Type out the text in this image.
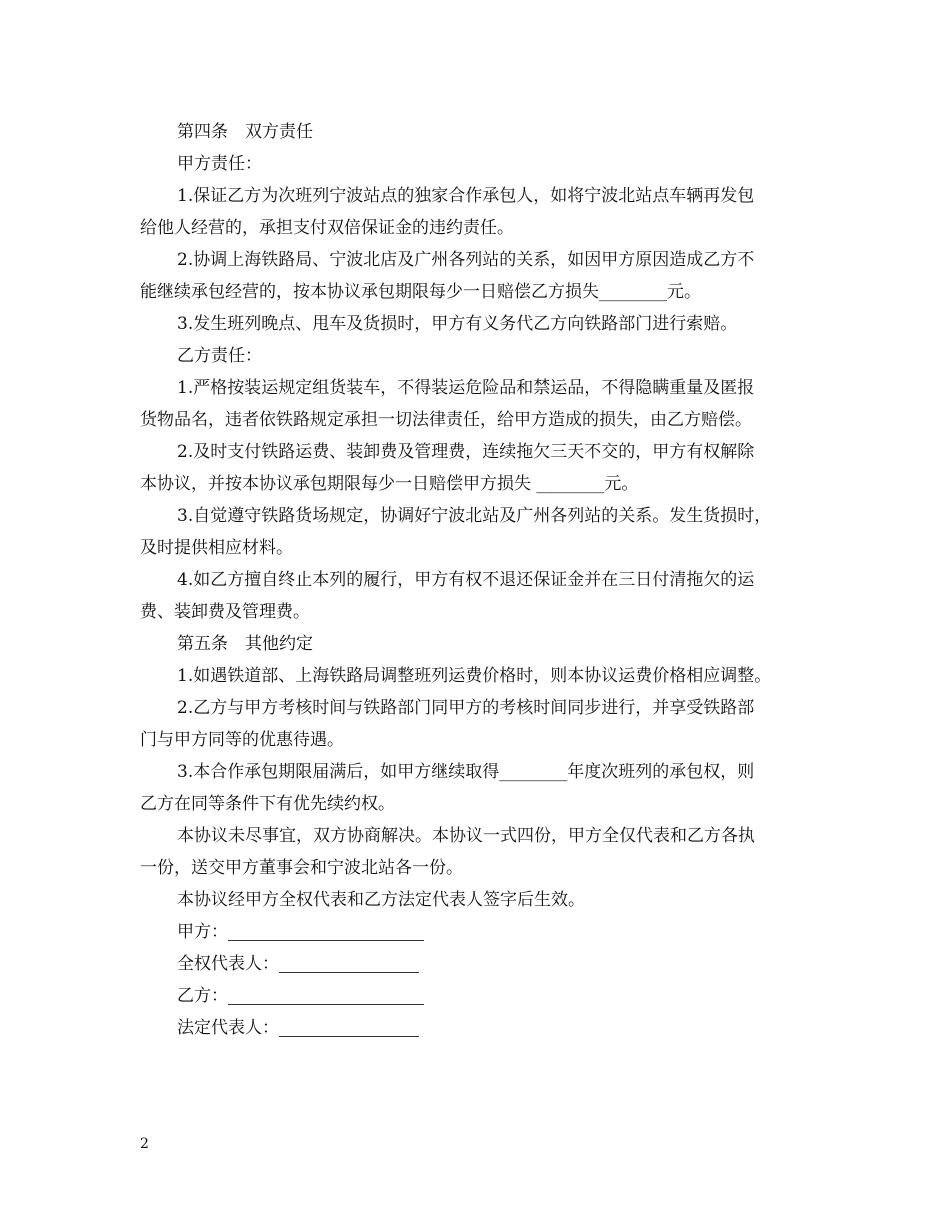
第四条　双方责任
甲方责任：
1.保证乙方为次班列宁波站点的独家合作承包人，如将宁波北站点车辆再发包
给他人经营的，承担支付双倍保证金的违约责任。
2.协调上海铁路局、宁波北店及广州各列站的关系，如因甲方原因造成乙方不
能继续承包经营的，按本协议承包期限每少一日赔偿乙方损失________元。
3.发生班列晚点、甩车及货损时，甲方有义务代乙方向铁路部门进行索赔。
乙方责任：
1.严格按装运规定组货装车，不得装运危险品和禁运品，不得隐瞒重量及匿报
货物品名，违者依铁路规定承担一切法律责任，给甲方造成的损失，由乙方赔偿。
2.及时支付铁路运费、装卸费及管理费，连续拖欠三天不交的，甲方有权解除
本协议，并按本协议承包期限每少一日赔偿甲方损失 ________元。
3.自觉遵守铁路货场规定，协调好宁波北站及广州各列站的关系。发生货损时，
及时提供相应材料。
4.如乙方擅自终止本列的履行，甲方有权不退还保证金并在三日付清拖欠的运
费、装卸费及管理费。
第五条　其他约定
1.如遇铁道部、上海铁路局调整班列运费价格时，则本协议运费价格相应调整。
2.乙方与甲方考核时间与铁路部门同甲方的考核时间同步进行，并享受铁路部
门与甲方同等的优惠待遇。
3.本合作承包期限届满后，如甲方继续取得________年度次班列的承包权，则
乙方在同等条件下有优先续约权。
本协议未尽事宜，双方协商解决。本协议一式四份，甲方全仅代表和乙方各执
一份，送交甲方董事会和宁波北站各一份。
本协议经甲方全权代表和乙方法定代表人签字后生效。
甲方：
全权代表人：
乙方：
法定代表人：
2
